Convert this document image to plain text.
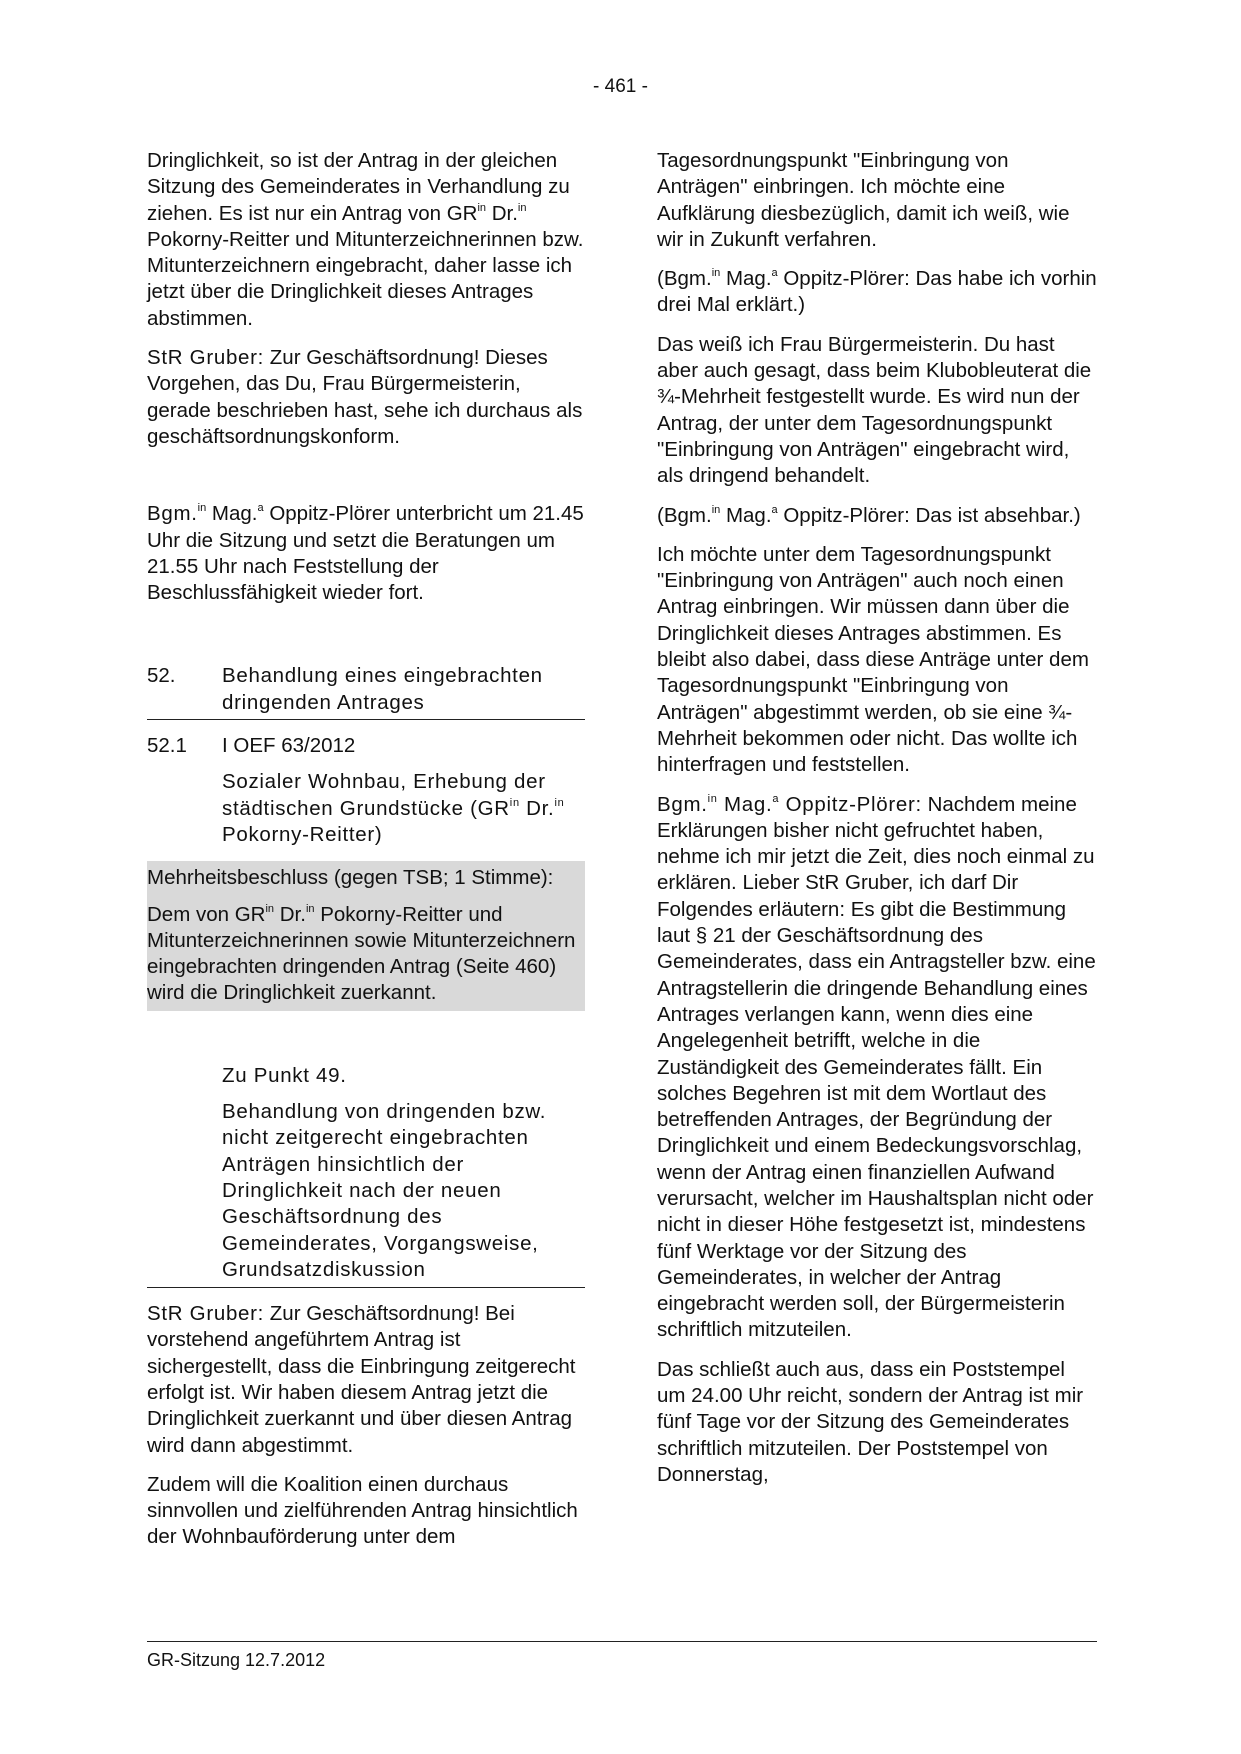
- 461 -

Dringlichkeit, so ist der Antrag in der gleichen Sitzung des Gemeinderates in Verhandlung zu ziehen. Es ist nur ein Antrag von $GR^{in}$ Dr.$^{in}$ Pokorny-Reitter und Mitunterzeichnerinnen bzw. Mitunterzeichnern eingebracht, daher lasse ich jetzt über die Dringlichkeit dieses Antrages abstimmen.

StR Gruber: Zur Geschäftsordnung! Dieses Vorgehen, das Du, Frau Bürgermeisterin, gerade beschrieben hast, sehe ich durchaus als geschäftsordnungskonform.

Bgm.$^{in}$ Mag.$^a$ Oppitz-Plörer unterbricht um 21.45 Uhr die Sitzung und setzt die Beratungen um 21.55 Uhr nach Feststellung der Beschlussfähigkeit wieder fort.

52.	Behandlung eines eingebrachten dringenden Antrages
52.1	I OEF 63/2012

Sozialer Wohnbau, Erhebung der städtischen Grundstücke ($GR^{in}$ Dr.$^{in}$ Pokorny-Reitter)

Mehrheitsbeschluss (gegen TSB; 1 Stimme):

Dem von $GR^{in}$ Dr.$^{in}$ Pokorny-Reitter und Mitunterzeichnerinnen sowie Mitunterzeichnern eingebrachten dringenden Antrag (Seite 460) wird die Dringlichkeit zuerkannt.

Zu Punkt 49.

Behandlung von dringenden bzw. nicht zeitgerecht eingebrachten Anträgen hinsichtlich der Dringlichkeit nach der neuen Geschäftsordnung des Gemeinderates, Vorgangsweise, Grundsatzdiskussion

StR Gruber: Zur Geschäftsordnung! Bei vorstehend angeführtem Antrag ist sichergestellt, dass die Einbringung zeitgerecht erfolgt ist. Wir haben diesem Antrag jetzt die Dringlichkeit zuerkannt und über diesen Antrag wird dann abgestimmt.

Zudem will die Koalition einen durchaus sinnvollen und zielführenden Antrag hinsichtlich der Wohnbauförderung unter dem

Tagesordnungspunkt "Einbringung von Anträgen" einbringen. Ich möchte eine Aufklärung diesbezüglich, damit ich weiß, wie wir in Zukunft verfahren.

(Bgm.$^{in}$ Mag.$^a$ Oppitz-Plörer: Das habe ich vorhin drei Mal erklärt.)

Das weiß ich Frau Bürgermeisterin. Du hast aber auch gesagt, dass beim Klubobleuterat die ¾-Mehrheit festgestellt wurde. Es wird nun der Antrag, der unter dem Tagesordnungspunkt "Einbringung von Anträgen" eingebracht wird, als dringend behandelt.

(Bgm.$^{in}$ Mag.$^a$ Oppitz-Plörer: Das ist absehbar.)

Ich möchte unter dem Tagesordnungspunkt "Einbringung von Anträgen" auch noch einen Antrag einbringen. Wir müssen dann über die Dringlichkeit dieses Antrages abstimmen. Es bleibt also dabei, dass diese Anträge unter dem Tagesordnungspunkt "Einbringung von Anträgen" abgestimmt werden, ob sie eine ¾-Mehrheit bekommen oder nicht. Das wollte ich hinterfragen und feststellen.

Bgm.$^{in}$ Mag.$^a$ Oppitz-Plörer: Nachdem meine Erklärungen bisher nicht gefruchtet haben, nehme ich mir jetzt die Zeit, dies noch einmal zu erklären. Lieber StR Gruber, ich darf Dir Folgendes erläutern: Es gibt die Bestimmung laut § 21 der Geschäftsordnung des Gemeinderates, dass ein Antragsteller bzw. eine Antragstellerin die dringende Behandlung eines Antrages verlangen kann, wenn dies eine Angelegenheit betrifft, welche in die Zuständigkeit des Gemeinderates fällt. Ein solches Begehren ist mit dem Wortlaut des betreffenden Antrages, der Begründung der Dringlichkeit und einem Bedeckungsvorschlag, wenn der Antrag einen finanziellen Aufwand verursacht, welcher im Haushaltsplan nicht oder nicht in dieser Höhe festgesetzt ist, mindestens fünf Werktage vor der Sitzung des Gemeinderates, in welcher der Antrag eingebracht werden soll, der Bürgermeisterin schriftlich mitzuteilen.

Das schließt auch aus, dass ein Poststempel um 24.00 Uhr reicht, sondern der Antrag ist mir fünf Tage vor der Sitzung des Gemeinderates schriftlich mitzuteilen. Der Poststempel von Donnerstag,

GR-Sitzung 12.7.2012
